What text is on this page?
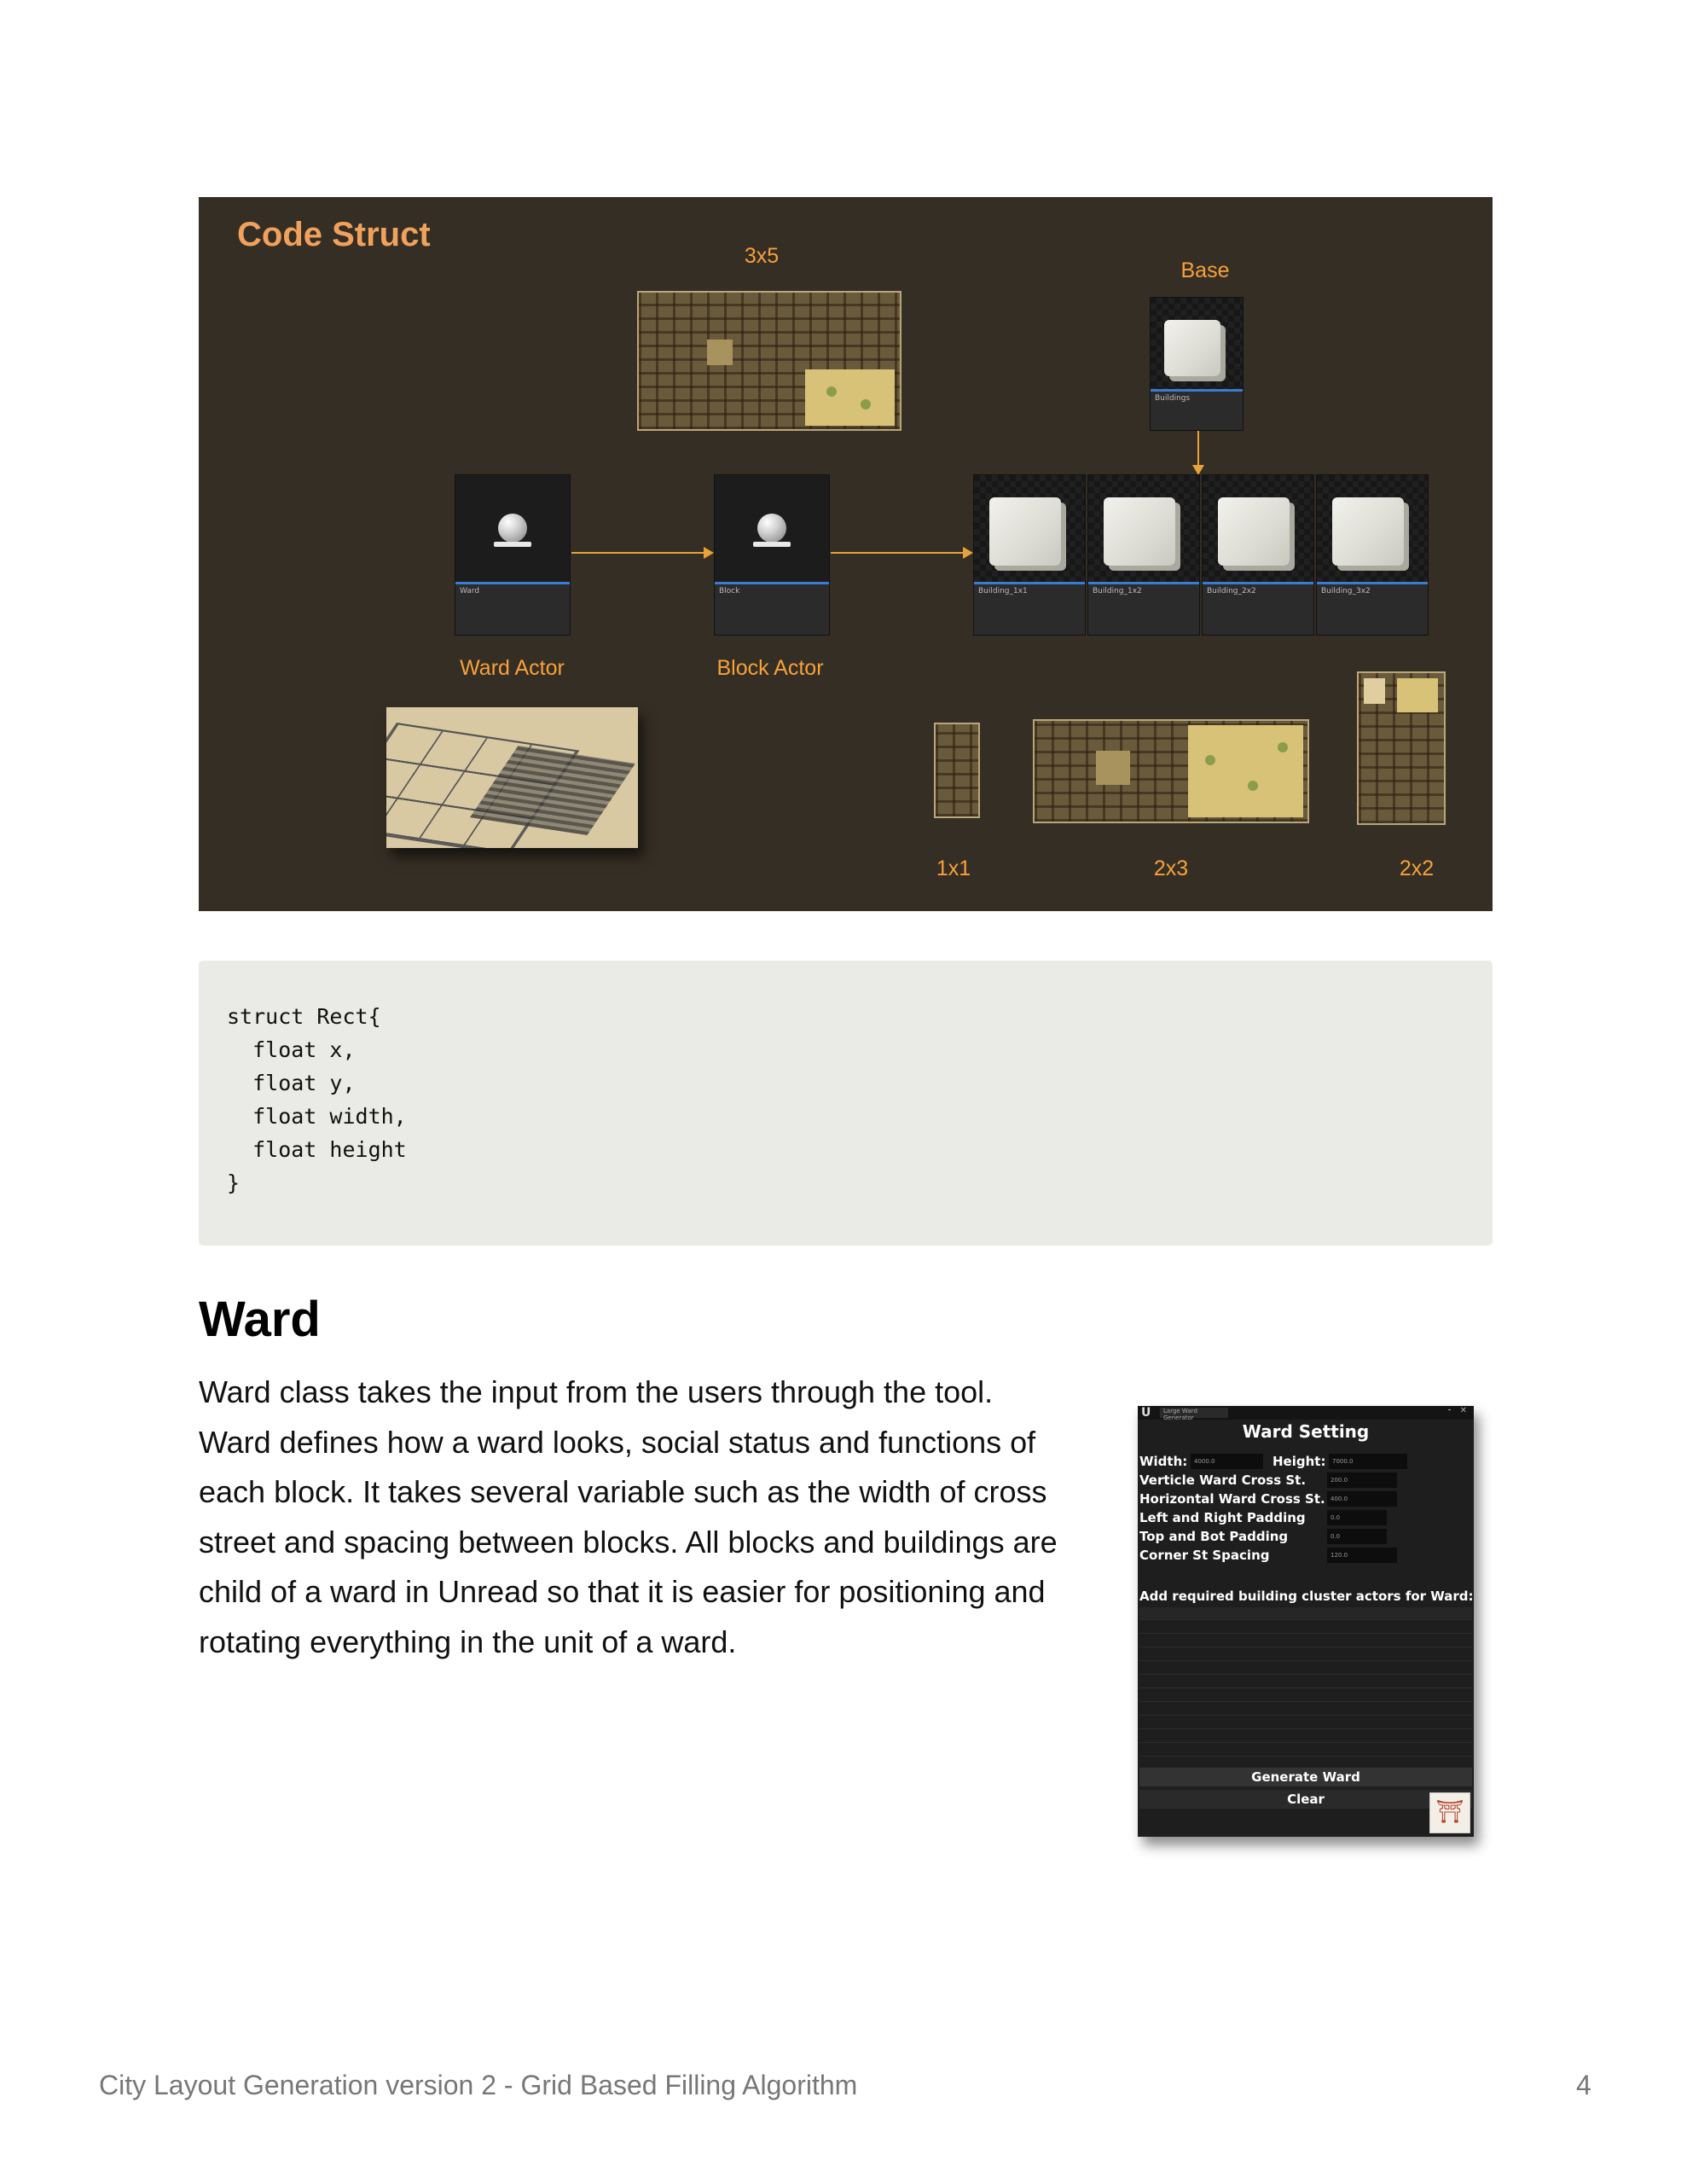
Code Struct
3x5
Base
Buildings
Ward	Block	Building_1x1	Building_1x2	Building_2x2	Building_3x2
Ward Actor	Block Actor
1x1	2x3	2x2
struct Rect{
float x,
float y,
float width,
float height
}
Ward
Ward class takes the input from the users through the tool. Ward defines how a ward looks, social status and functions of each block. It takes several variable such as the width of cross street and spacing between blocks. All blocks and buildings are child of a ward in Unread so that it is easier for positioning and rotating everything in the unit of a ward.
U	Large Ward Generator
⁃ ✕
Ward Setting
Width:	4000.0	Height:	7000.0
Verticle Ward Cross St.	200.0
Horizontal Ward Cross St. 400.0
Left and Right Padding	0.0
Top and Bot Padding	0.0
Corner St Spacing	120.0
Add required building cluster actors for Ward:
Generate Ward
Clear	⛩
City Layout Generation version 2 - Grid Based Filling Algorithm	4
